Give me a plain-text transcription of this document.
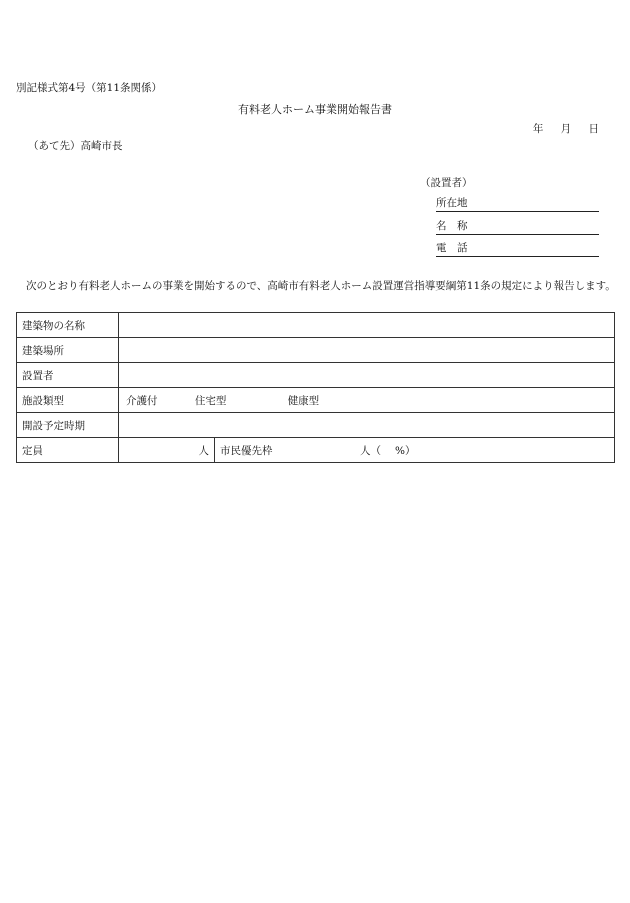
別記様式第4号（第11条関係）
有料老人ホーム事業開始報告書
年 月 日
（あて先）高崎市長
（設置者）
所在地
名　称
電　話
次のとおり有料老人ホームの事業を開始するので、高崎市有料老人ホーム設置運営指導要綱第11条の規定により報告します。
建築物の名称		
建築場所		
設置者		
施設類型	介護付 住宅型 健康型	
開設予定時期		
定員	人	市民優先枠 人（ %）
